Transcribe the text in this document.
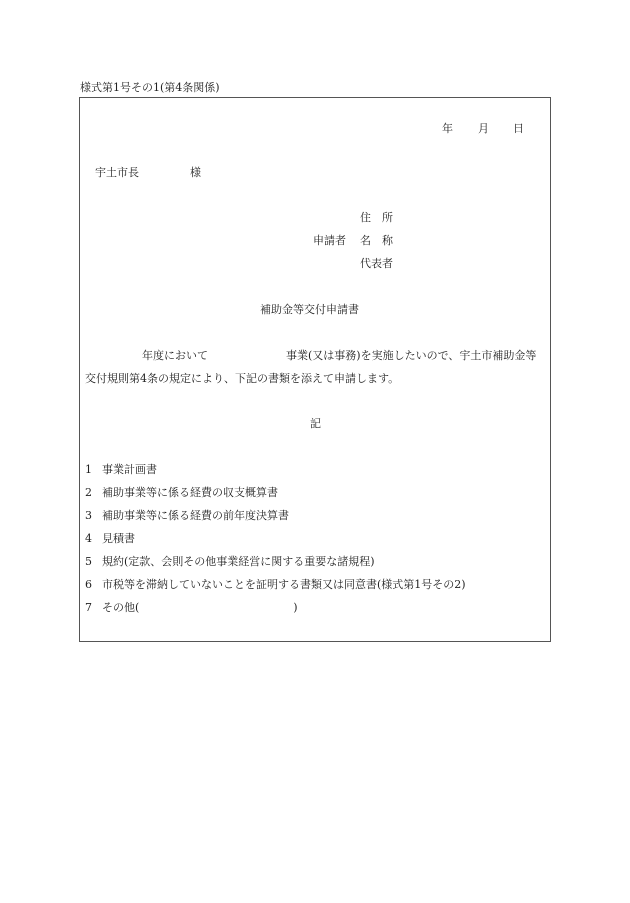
様式第1号その1(第4条関係)
年 月 日
宇土市長	様
住　所
申請者 名　称
代表者
補助金等交付申請書
年度において	事業(又は事務)を実施したいので、宇土市補助金等
交付規則第4条の規定により、下記の書類を添えて申請します。
記
1 事業計画書
2 補助事業等に係る経費の収支概算書
3 補助事業等に係る経費の前年度決算書
4 見積書
5 規約(定款、会則その他事業経営に関する重要な諸規程)
6 市税等を滞納していないことを証明する書類又は同意書(様式第1号その2)
7 その他(　　　　　　　　　　　　　　)
